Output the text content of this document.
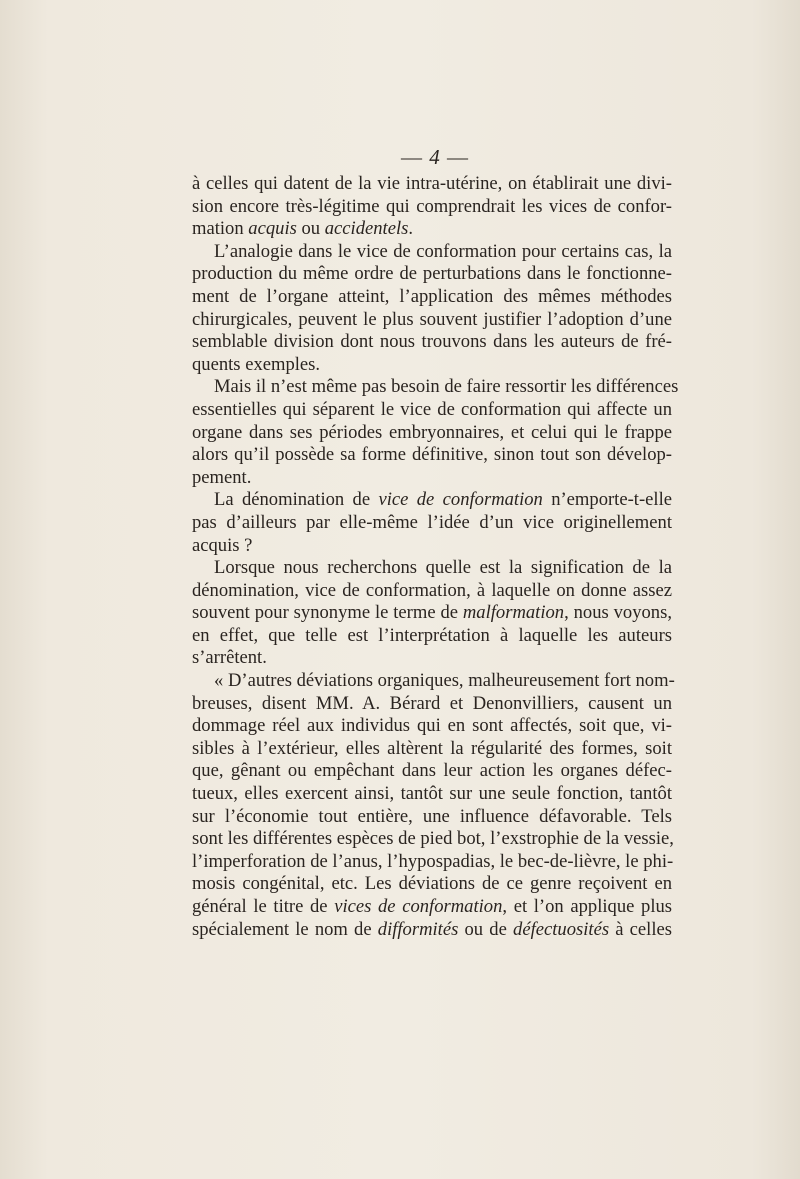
— 4 —
à celles qui datent de la vie intra-utérine, on établirait une divi-
sion encore très-légitime qui comprendrait les vices de confor-
mation acquis ou accidentels.
L’analogie dans le vice de conformation pour certains cas, la
production du même ordre de perturbations dans le fonctionne-
ment de l’organe atteint, l’application des mêmes méthodes
chirurgicales, peuvent le plus souvent justifier l’adoption d’une
semblable division dont nous trouvons dans les auteurs de fré-
quents exemples.
Mais il n’est même pas besoin de faire ressortir les différences
essentielles qui séparent le vice de conformation qui affecte un
organe dans ses périodes embryonnaires, et celui qui le frappe
alors qu’il possède sa forme définitive, sinon tout son dévelop-
pement.
La dénomination de vice de conformation n’emporte-t-elle
pas d’ailleurs par elle-même l’idée d’un vice originellement
acquis ?
Lorsque nous recherchons quelle est la signification de la
dénomination, vice de conformation, à laquelle on donne assez
souvent pour synonyme le terme de malformation, nous voyons,
en effet, que telle est l’interprétation à laquelle les auteurs
s’arrêtent.
« D’autres déviations organiques, malheureusement fort nom-
breuses, disent MM. A. Bérard et Denonvilliers, causent un
dommage réel aux individus qui en sont affectés, soit que, vi-
sibles à l’extérieur, elles altèrent la régularité des formes, soit
que, gênant ou empêchant dans leur action les organes défec-
tueux, elles exercent ainsi, tantôt sur une seule fonction, tantôt
sur l’économie tout entière, une influence défavorable. Tels
sont les différentes espèces de pied bot, l’exstrophie de la vessie,
l’imperforation de l’anus, l’hypospadias, le bec-de-lièvre, le phi-
mosis congénital, etc. Les déviations de ce genre reçoivent en
général le titre de vices de conformation, et l’on applique plus
spécialement le nom de difformités ou de défectuosités à celles
